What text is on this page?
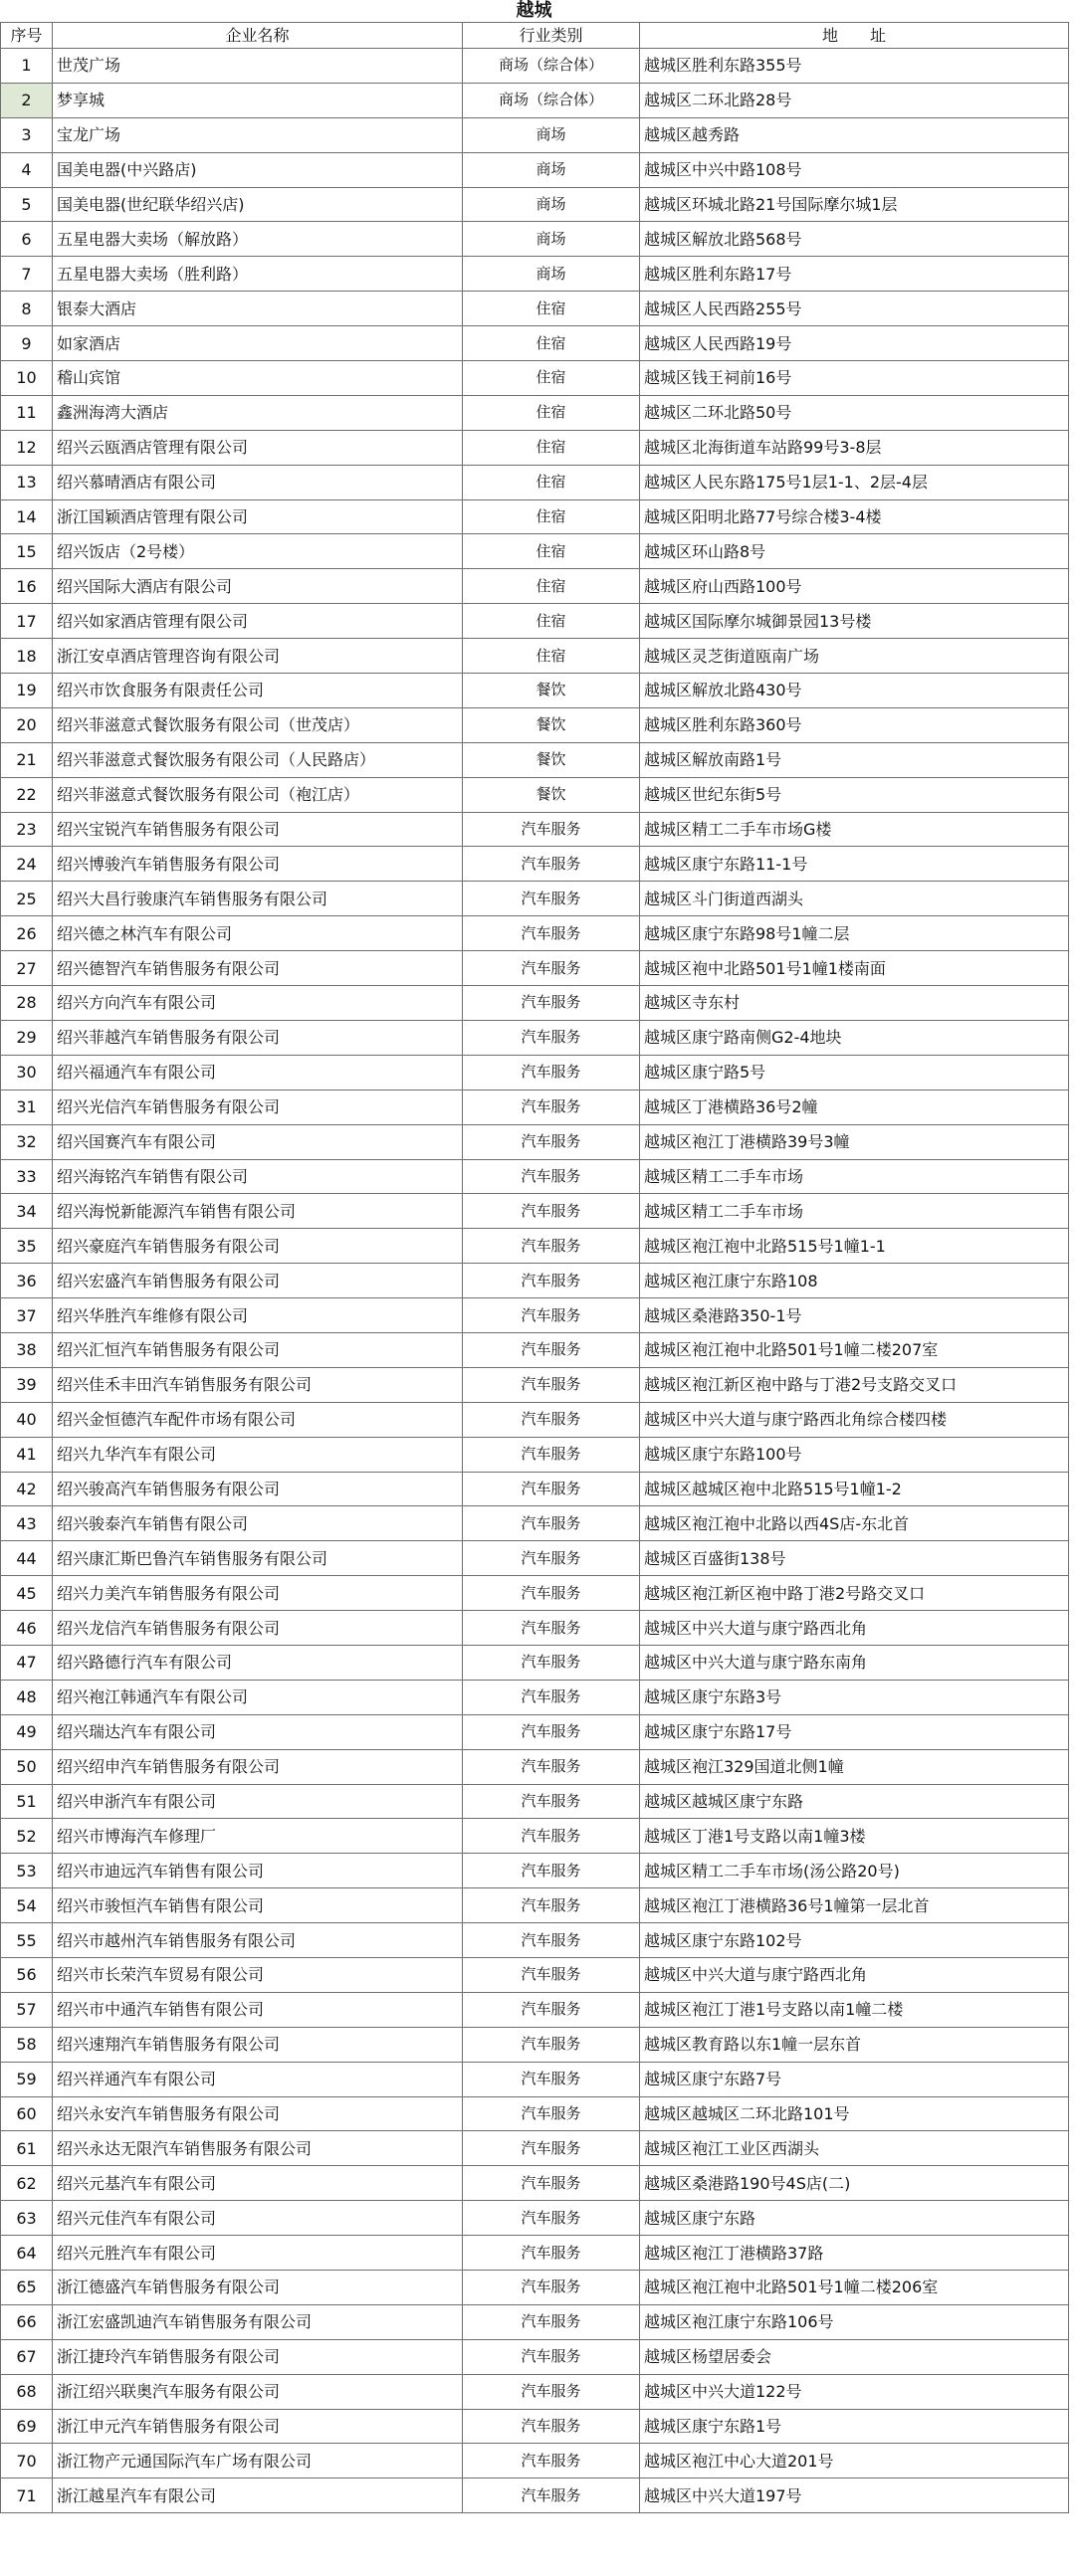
越城
序号	企业名称	行业类别	地　　址
1	世茂广场	商场（综合体）	越城区胜利东路355号
2	梦享城	商场（综合体）	越城区二环北路28号
3	宝龙广场	商场	越城区越秀路
4	国美电器(中兴路店)	商场	越城区中兴中路108号
5	国美电器(世纪联华绍兴店)	商场	越城区环城北路21号国际摩尔城1层
6	五星电器大卖场（解放路）	商场	越城区解放北路568号
7	五星电器大卖场（胜利路）	商场	越城区胜利东路17号
8	银泰大酒店	住宿	越城区人民西路255号
9	如家酒店	住宿	越城区人民西路19号
10	稽山宾馆	住宿	越城区钱王祠前16号
11	鑫洲海湾大酒店	住宿	越城区二环北路50号
12	绍兴云瓯酒店管理有限公司	住宿	越城区北海街道车站路99号3-8层
13	绍兴慕晴酒店有限公司	住宿	越城区人民东路175号1层1-1、2层-4层
14	浙江国颖酒店管理有限公司	住宿	越城区阳明北路77号综合楼3-4楼
15	绍兴饭店（2号楼）	住宿	越城区环山路8号
16	绍兴国际大酒店有限公司	住宿	越城区府山西路100号
17	绍兴如家酒店管理有限公司	住宿	越城区国际摩尔城御景园13号楼
18	浙江安卓酒店管理咨询有限公司	住宿	越城区灵芝街道瓯南广场
19	绍兴市饮食服务有限责任公司	餐饮	越城区解放北路430号
20	绍兴菲滋意式餐饮服务有限公司（世茂店）	餐饮	越城区胜利东路360号
21	绍兴菲滋意式餐饮服务有限公司（人民路店）	餐饮	越城区解放南路1号
22	绍兴菲滋意式餐饮服务有限公司（袍江店）	餐饮	越城区世纪东街5号
23	绍兴宝锐汽车销售服务有限公司	汽车服务	越城区精工二手车市场G楼
24	绍兴博骏汽车销售服务有限公司	汽车服务	越城区康宁东路11-1号
25	绍兴大昌行骏康汽车销售服务有限公司	汽车服务	越城区斗门街道西湖头
26	绍兴德之林汽车有限公司	汽车服务	越城区康宁东路98号1幢二层
27	绍兴德智汽车销售服务有限公司	汽车服务	越城区袍中北路501号1幢1楼南面
28	绍兴方向汽车有限公司	汽车服务	越城区寺东村
29	绍兴菲越汽车销售服务有限公司	汽车服务	越城区康宁路南侧G2-4地块
30	绍兴福通汽车有限公司	汽车服务	越城区康宁路5号
31	绍兴光信汽车销售服务有限公司	汽车服务	越城区丁港横路36号2幢
32	绍兴国赛汽车有限公司	汽车服务	越城区袍江丁港横路39号3幢
33	绍兴海铭汽车销售有限公司	汽车服务	越城区精工二手车市场
34	绍兴海悦新能源汽车销售有限公司	汽车服务	越城区精工二手车市场
35	绍兴豪庭汽车销售服务有限公司	汽车服务	越城区袍江袍中北路515号1幢1-1
36	绍兴宏盛汽车销售服务有限公司	汽车服务	越城区袍江康宁东路108
37	绍兴华胜汽车维修有限公司	汽车服务	越城区桑港路350-1号
38	绍兴汇恒汽车销售服务有限公司	汽车服务	越城区袍江袍中北路501号1幢二楼207室
39	绍兴佳禾丰田汽车销售服务有限公司	汽车服务	越城区袍江新区袍中路与丁港2号支路交叉口
40	绍兴金恒德汽车配件市场有限公司	汽车服务	越城区中兴大道与康宁路西北角综合楼四楼
41	绍兴九华汽车有限公司	汽车服务	越城区康宁东路100号
42	绍兴骏高汽车销售服务有限公司	汽车服务	越城区越城区袍中北路515号1幢1-2
43	绍兴骏泰汽车销售有限公司	汽车服务	越城区袍江袍中北路以西4S店-东北首
44	绍兴康汇斯巴鲁汽车销售服务有限公司	汽车服务	越城区百盛街138号
45	绍兴力美汽车销售服务有限公司	汽车服务	越城区袍江新区袍中路丁港2号路交叉口
46	绍兴龙信汽车销售服务有限公司	汽车服务	越城区中兴大道与康宁路西北角
47	绍兴路德行汽车有限公司	汽车服务	越城区中兴大道与康宁路东南角
48	绍兴袍江韩通汽车有限公司	汽车服务	越城区康宁东路3号
49	绍兴瑞达汽车有限公司	汽车服务	越城区康宁东路17号
50	绍兴绍申汽车销售服务有限公司	汽车服务	越城区袍江329国道北侧1幢
51	绍兴申浙汽车有限公司	汽车服务	越城区越城区康宁东路
52	绍兴市博海汽车修理厂	汽车服务	越城区丁港1号支路以南1幢3楼
53	绍兴市迪远汽车销售有限公司	汽车服务	越城区精工二手车市场(汤公路20号)
54	绍兴市骏恒汽车销售有限公司	汽车服务	越城区袍江丁港横路36号1幢第一层北首
55	绍兴市越州汽车销售服务有限公司	汽车服务	越城区康宁东路102号
56	绍兴市长荣汽车贸易有限公司	汽车服务	越城区中兴大道与康宁路西北角
57	绍兴市中通汽车销售有限公司	汽车服务	越城区袍江丁港1号支路以南1幢二楼
58	绍兴速翔汽车销售服务有限公司	汽车服务	越城区教育路以东1幢一层东首
59	绍兴祥通汽车有限公司	汽车服务	越城区康宁东路7号
60	绍兴永安汽车销售服务有限公司	汽车服务	越城区越城区二环北路101号
61	绍兴永达无限汽车销售服务有限公司	汽车服务	越城区袍江工业区西湖头
62	绍兴元基汽车有限公司	汽车服务	越城区桑港路190号4S店(二)
63	绍兴元佳汽车有限公司	汽车服务	越城区康宁东路
64	绍兴元胜汽车有限公司	汽车服务	越城区袍江丁港横路37路
65	浙江德盛汽车销售服务有限公司	汽车服务	越城区袍江袍中北路501号1幢二楼206室
66	浙江宏盛凯迪汽车销售服务有限公司	汽车服务	越城区袍江康宁东路106号
67	浙江捷玲汽车销售服务有限公司	汽车服务	越城区杨望居委会
68	浙江绍兴联奥汽车服务有限公司	汽车服务	越城区中兴大道122号
69	浙江申元汽车销售服务有限公司	汽车服务	越城区康宁东路1号
70	浙江物产元通国际汽车广场有限公司	汽车服务	越城区袍江中心大道201号
71	浙江越星汽车有限公司	汽车服务	越城区中兴大道197号
